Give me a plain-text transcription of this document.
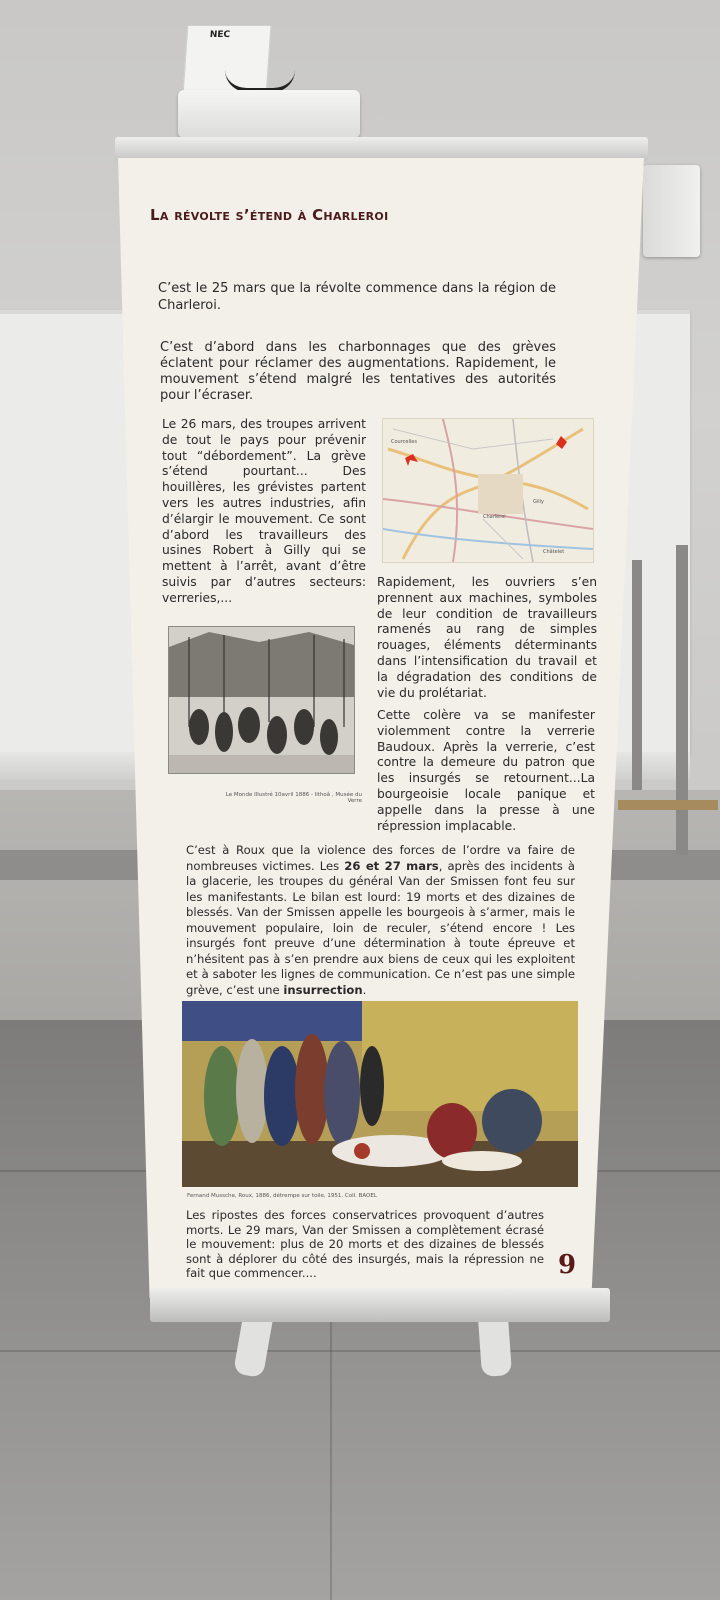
NEC
La révolte s’étend à Charleroi

C’est le 25 mars que la révolte commence dans la région de Charleroi.

C’est d’abord dans les charbonnages que des grèves éclatent pour réclamer des augmentations. Rapidement, le mouvement s’étend malgré les tentatives des autorités pour l’écraser.

Le 26 mars, des troupes arrivent de tout le pays pour prévenir tout “débordement”. La grève s’étend pourtant... Des houillères, les grévistes partent vers les autres industries, afin d’élargir le mouvement. Ce sont d’abord les travailleurs des usines Robert à Gilly qui se mettent à l’arrêt, avant d’être suivis par d’autres secteurs: verreries,...

Courcelles
Charleroi
Gilly
Châtelet

Le Monde Illustré 10avril 1886 - lithoâ , Musée du Verre

Rapidement, les ouvriers s’en prennent aux machines, symboles de leur condition de travailleurs ramenés au rang de simples rouages, éléments déterminants dans l’intensification du travail et la dégradation des conditions de vie du prolétariat.

Cette colère va se manifester violemment contre la verrerie Baudoux. Après la verrerie, c’est contre la demeure du patron que les insurgés se retournent...La bourgeoisie locale panique et appelle dans la presse à une répression implacable.

C’est à Roux que la violence des forces de l’ordre va faire de nombreuses victimes. Les 26 et 27 mars, après des incidents à la glacerie, les troupes du général Van der Smissen font feu sur les manifestants. Le bilan est lourd: 19 morts et des dizaines de blessés. Van der Smissen appelle les bourgeois à s’armer, mais le mouvement populaire, loin de reculer, s’étend encore ! Les insurgés font preuve d’une détermination à toute épreuve et n’hésitent pas à s’en prendre aux biens de ceux qui les exploitent et à saboter les lignes de communication. Ce n’est pas une simple grève, c’est une insurrection.

Fernand Mussche, Roux, 1886, détrempe sur toile, 1951. Coll. BAOEL

Les ripostes des forces conservatrices provoquent d’autres morts. Le 29 mars, Van der Smissen a complètement écrasé le mouvement: plus de 20 morts et des dizaines de blessés sont à déplorer du côté des insurgés, mais la répression ne fait que commencer....	9
